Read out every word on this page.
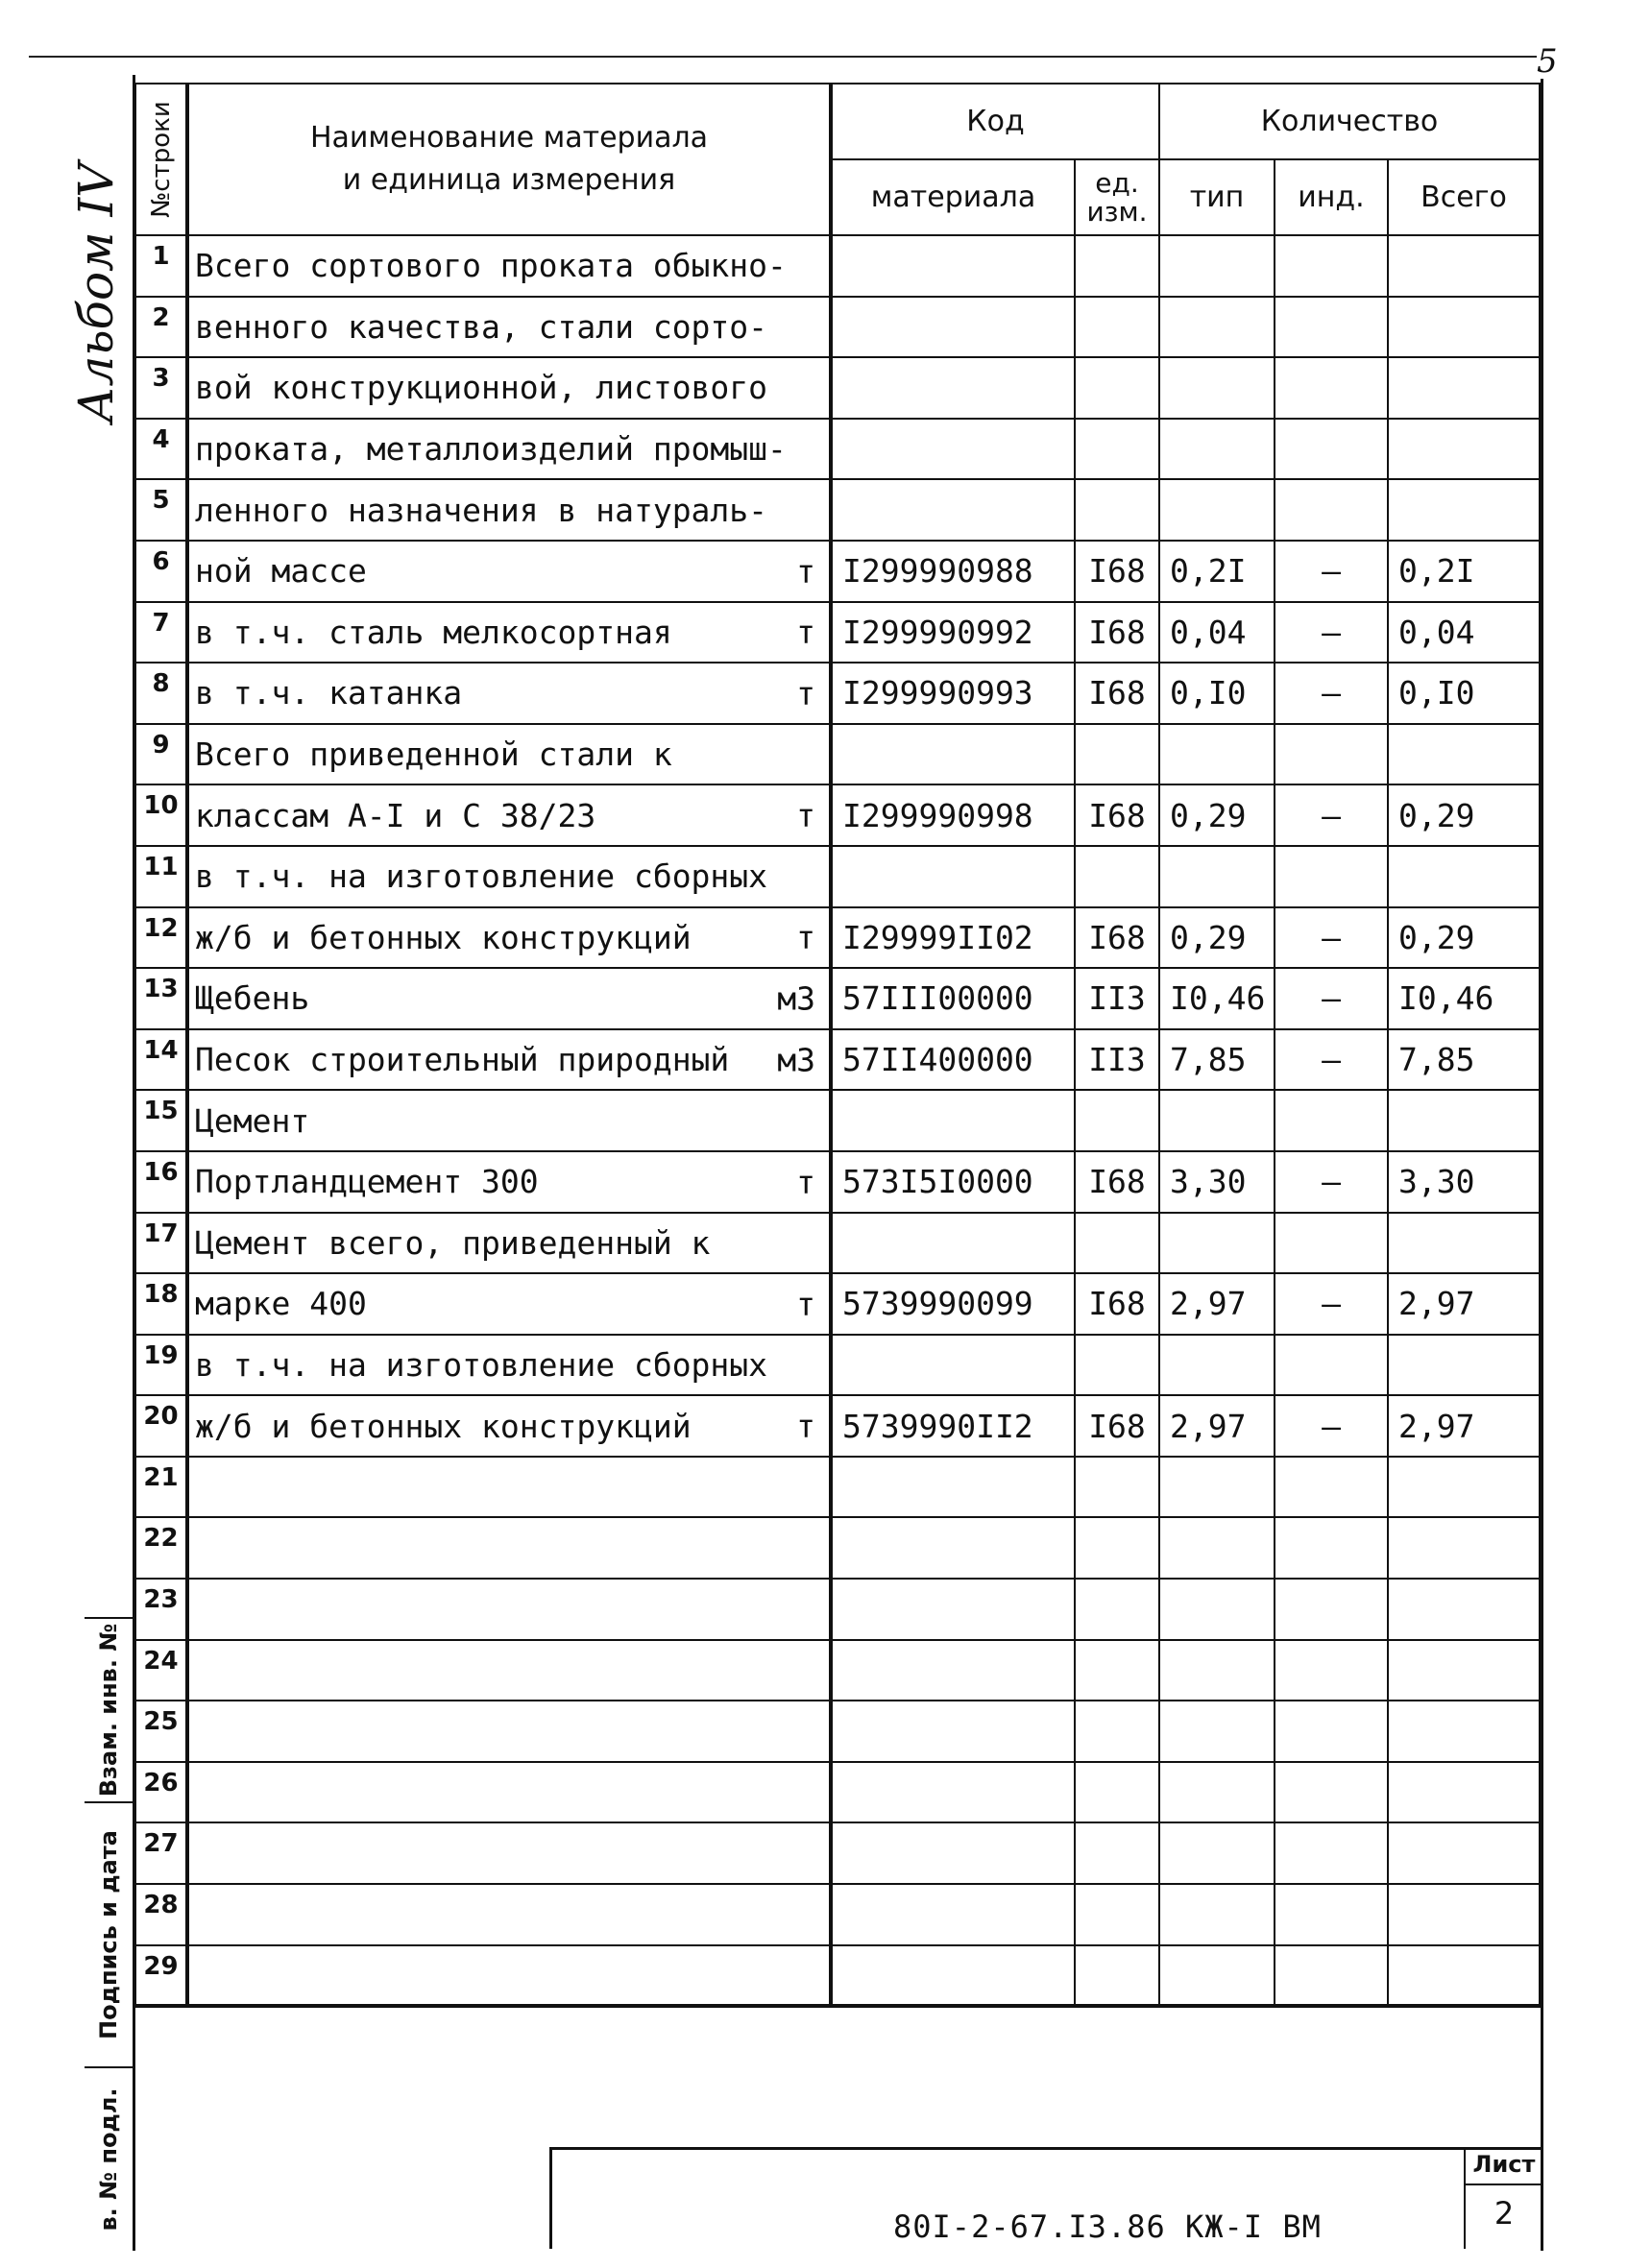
5
Альбом IV
№строки	Наименование материала
и единица измерения	Код		Количество		
		материала	ед.
изм.	тип	инд.	Всего
1	Всего сортового проката обыкно-

2	венного качества, стали сорто-

3	вой конструкционной, листового

4	проката, металлоизделий промыш-

5	ленного назначения в натураль-

6	ной массе т	I299990988	I68	0,2I	–	0,2I
7	в т.ч. сталь мелкосортная т	I299990992	I68	0,04	–	0,04
8	в т.ч. катанка т	I299990993	I68	0,I0	–	0,I0
9	Всего приведенной стали к

10	классам А-I и С 38/23 т	I299990998	I68	0,29	–	0,29
11	в т.ч. на изготовление сборных

12	ж/б и бетонных конструкций т	I29999II02	I68	0,29	–	0,29
13	Щебень м3	57III00000	II3	I0,46	–	I0,46
14	Песок строительный природный м3	57II400000	II3	7,85	–	7,85
15	Цемент

16	Портландцемент 300 т	573I5I0000	I68	3,30	–	3,30
17	Цемент всего, приведенный к

18	марке 400 т	5739990099	I68	2,97	–	2,97
19	в т.ч. на изготовление сборных

20	ж/б и бетонных конструкций т	5739990II2	I68	2,97	–	2,97
21	

22	

23	

24	

25	

26	

27	

28	

29	

Взам. инв. №
Подпись и дата
в. № подл.	80I-2-67.I3.86 КЖ-I ВМ
Лист
2
